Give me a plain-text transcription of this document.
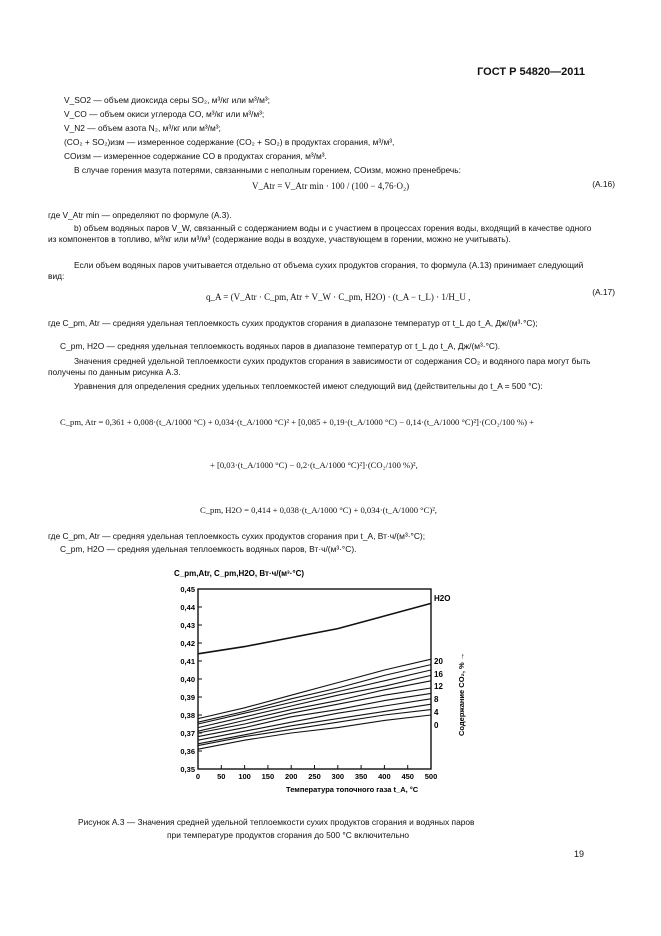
ГОСТ Р 54820—2011
V_SO2 — объем диоксида серы SO₂, м³/кг или м³/м³;
V_CO — объем окиси углерода CO, м³/кг или м³/м³;
V_N2 — объем азота N₂, м³/кг или м³/м³;
(CO₂ + SO₂)изм — измеренное содержание (CO₂ + SO₂) в продуктах сгорания, м³/м³,
COизм — измеренное содержание CO в продуктах сгорания, м³/м³.
В случае горения мазута потерями, связанными с неполным горением, COизм, можно пренебречь:
V_Atr = V_Atr min · 100 / (100 − 4,76·O₂)	(A.16)
где V_Atr min — определяют по формуле (A.3).
b) объем водяных паров V_W, связанный с содержанием воды и с участием в процессах горения воды, входящий в качестве одного из компонентов в топливо, м³/кг или м³/м³ (содержание воды в воздухе, участвующем в горении, можно не учитывать).
Если объем водяных паров учитывается отдельно от объема сухих продуктов сгорания, то формула (A.13) принимает следующий вид:
q_A = (V_Atr · C_pm, Atr + V_W · C_pm, H2O) · (t_A − t_L) · 1/H_U ,	(A.17)
где C_pm, Atr — средняя удельная теплоемкость сухих продуктов сгорания в диапазоне температур от t_L до t_A, Дж/(м³·°C);
C_pm, H2O — средняя удельная теплоемкость водяных паров в диапазоне температур от t_L до t_A, Дж/(м³·°C).
Значения средней удельной теплоемкости сухих продуктов сгорания в зависимости от содержания CO₂ и водяного пара могут быть получены по данным рисунка A.3.
Уравнения для определения средних удельных теплоемкостей имеют следующий вид (действительны до t_A = 500 °C):
C_pm, Atr = 0,361 + 0,008·(t_A/1000 °C) + 0,034·(t_A/1000 °C)² + [0,085 + 0,19·(t_A/1000 °C) − 0,14·(t_A/1000 °C)²]·(CO₂/100 %) +
+ [0,03·(t_A/1000 °C) − 0,2·(t_A/1000 °C)²]·(CO₂/100 %)²,
C_pm, H2O = 0,414 + 0,038·(t_A/1000 °C) + 0,034·(t_A/1000 °C)²,
где C_pm, Atr — средняя удельная теплоемкость сухих продуктов сгорания при t_A, Вт·ч/(м³·°C);
C_pm, H2O — средняя удельная теплоемкость водяных паров, Вт·ч/(м³·°C).
C_pm,Atr, C_pm,H2O, Вт·ч/(м³·°C)
0 50 100 150 200 250 300 350 400 450 500
0,35
0,36
0,37
0,38
0,39
0,40
0,41
0,42
0,43
0,44
0,45
H2O
20
16
12
8
4
0
Температура топочного газа t_A, °C
Содержание CO₂, % →
Рисунок A.3 — Значения средней удельной теплоемкости сухих продуктов сгорания и водяных паров
при температуре продуктов сгорания до 500 °C включительно
19
